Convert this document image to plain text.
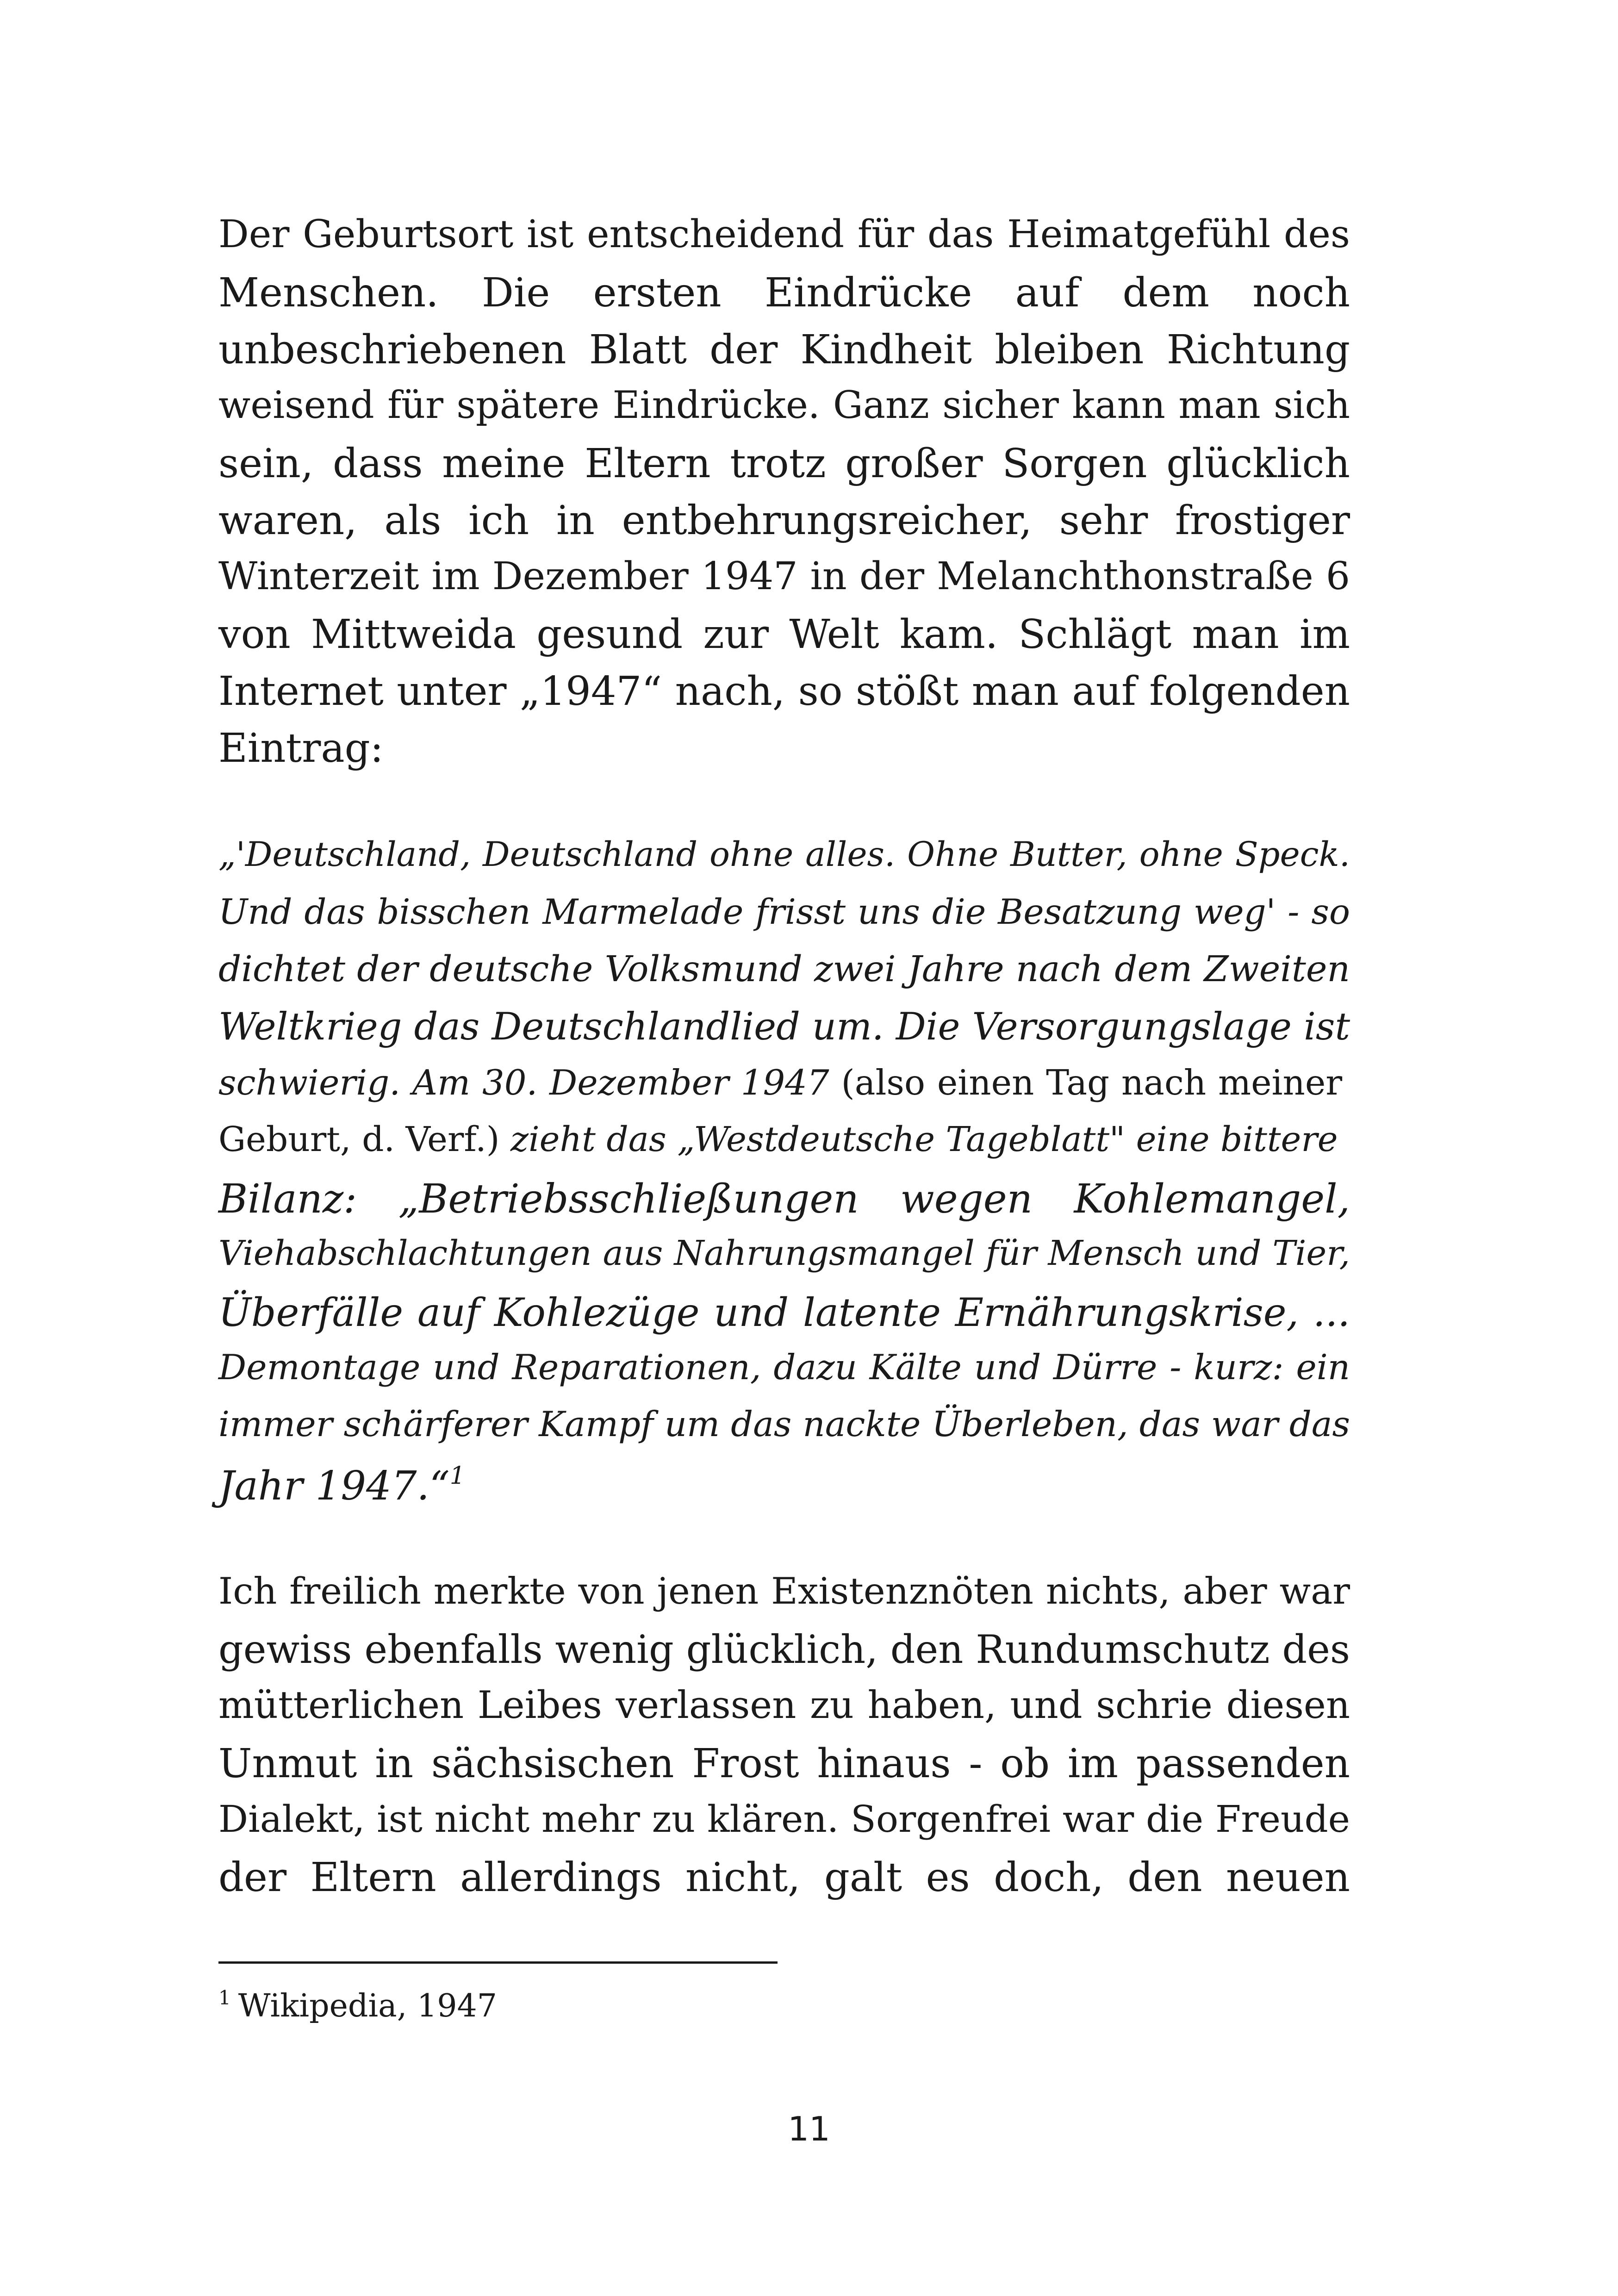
Der Geburtsort ist entscheidend für das Heimatgefühl des
Menschen. Die ersten Eindrücke auf dem noch
unbeschriebenen Blatt der Kindheit bleiben Richtung
weisend für spätere Eindrücke. Ganz sicher kann man sich
sein, dass meine Eltern trotz großer Sorgen glücklich
waren, als ich in entbehrungsreicher, sehr frostiger
Winterzeit im Dezember 1947 in der Melanchthonstraße 6
von Mittweida gesund zur Welt kam. Schlägt man im
Internet unter „1947“ nach, so stößt man auf folgenden
Eintrag:
„'Deutschland, Deutschland ohne alles. Ohne Butter, ohne Speck.
Und das bisschen Marmelade frisst uns die Besatzung weg' - so
dichtet der deutsche Volksmund zwei Jahre nach dem Zweiten
Weltkrieg das Deutschlandlied um. Die Versorgungslage ist
schwierig. Am 30. Dezember 1947 (also einen Tag nach meiner
Geburt, d. Verf.) zieht das „Westdeutsche Tageblatt" eine bittere
Bilanz: „Betriebsschließungen wegen Kohlemangel,
Viehabschlachtungen aus Nahrungsmangel für Mensch und Tier,
Überfälle auf Kohlezüge und latente Ernährungskrise, ...
Demontage und Reparationen, dazu Kälte und Dürre - kurz: ein
immer schärferer Kampf um das nackte Überleben, das war das
Jahr 1947.“$^1$
Ich freilich merkte von jenen Existenznöten nichts, aber war
gewiss ebenfalls wenig glücklich, den Rundumschutz des
mütterlichen Leibes verlassen zu haben, und schrie diesen
Unmut in sächsischen Frost hinaus - ob im passenden
Dialekt, ist nicht mehr zu klären. Sorgenfrei war die Freude
der Eltern allerdings nicht, galt es doch, den neuen
$^1$ Wikipedia, 1947
11
